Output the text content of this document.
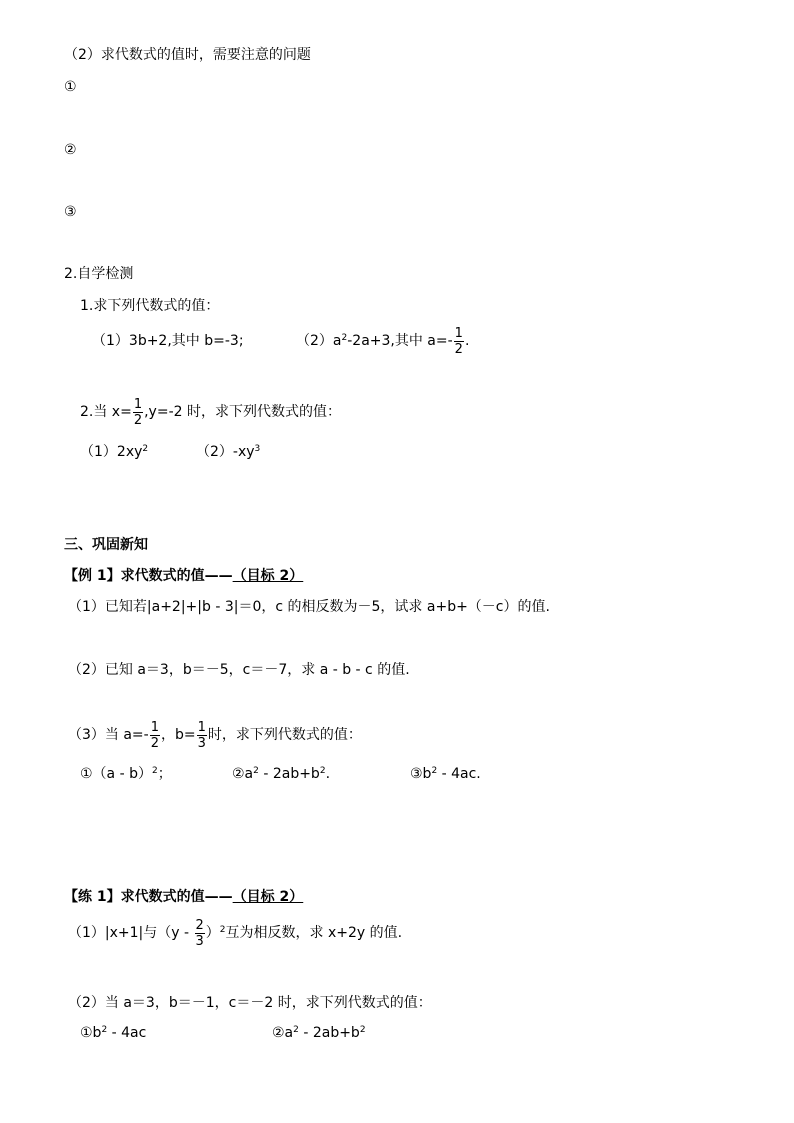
（2）求代数式的值时，需要注意的问题
①
②
③
2.自学检测
1.求下列代数式的值：
（1）3b+2,其中 b=-3;	$(2)a^2-2a+3$,其中 $a=- \frac{1}{2}$ .
2.当 $x= \frac{1}{2} ,y=-2$ 时，求下列代数式的值：
$(1)2xy^2$	$(2)-xy^3$
三、巩固新知
【例 1】求代数式的值——（目标 2）
（1）已知若|a+2|+|b - 3|＝0，c 的相反数为－5，试求 a+b+（－c）的值.
（2）已知 a＝3，b＝－5，c＝－7，求 a - b - c 的值.
（3）当 $a=- \frac{1}{2}$ ，$b= \frac{1}{3}$ 时，求下列代数式的值：
①（a - b）$^2$；	$②a^2 - 2ab+b^2$.	$③b^2 - 4ac$.
【练 1】求代数式的值——（目标 2）
（1）|x+1|与$(y - \frac{2}{3} )^2$互为相反数，求 x+2y 的值.
（2）当 a＝3，b＝－1，c＝－2 时，求下列代数式的值：
$①b^2 - 4ac$	$②a^2 - 2ab+b^2$
